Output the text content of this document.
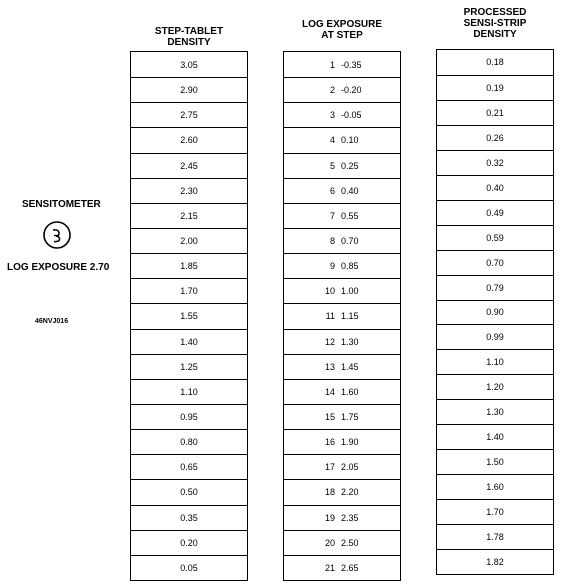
STEP-TABLET
DENSITY
LOG EXPOSURE
AT STEP
PROCESSED
SENSI-STRIP
DENSITY
3.05
2.90
2.75
2.60
2.45
2.30
2.15
2.00
1.85
1.70
1.55
1.40
1.25
1.10
0.95
0.80
0.65
0.50
0.35
0.20
0.05
1 -0.35
2 -0.20
3 -0.05
4 0.10
5 0.25
6 0.40
7 0.55
8 0.70
9 0.85
10 1.00
11 1.15
12 1.30
13 1.45
14 1.60
15 1.75
16 1.90
17 2.05
18 2.20
19 2.35
20 2.50
21 2.65
0.18
0.19
0.21
0.26
0.32
0.40
0.49
0.59
0.70
0.79
0.90
0.99
1.10
1.20
1.30
1.40
1.50
1.60
1.70
1.78
1.82
SENSITOMETER
LOG EXPOSURE 2.70
46NVJ016
